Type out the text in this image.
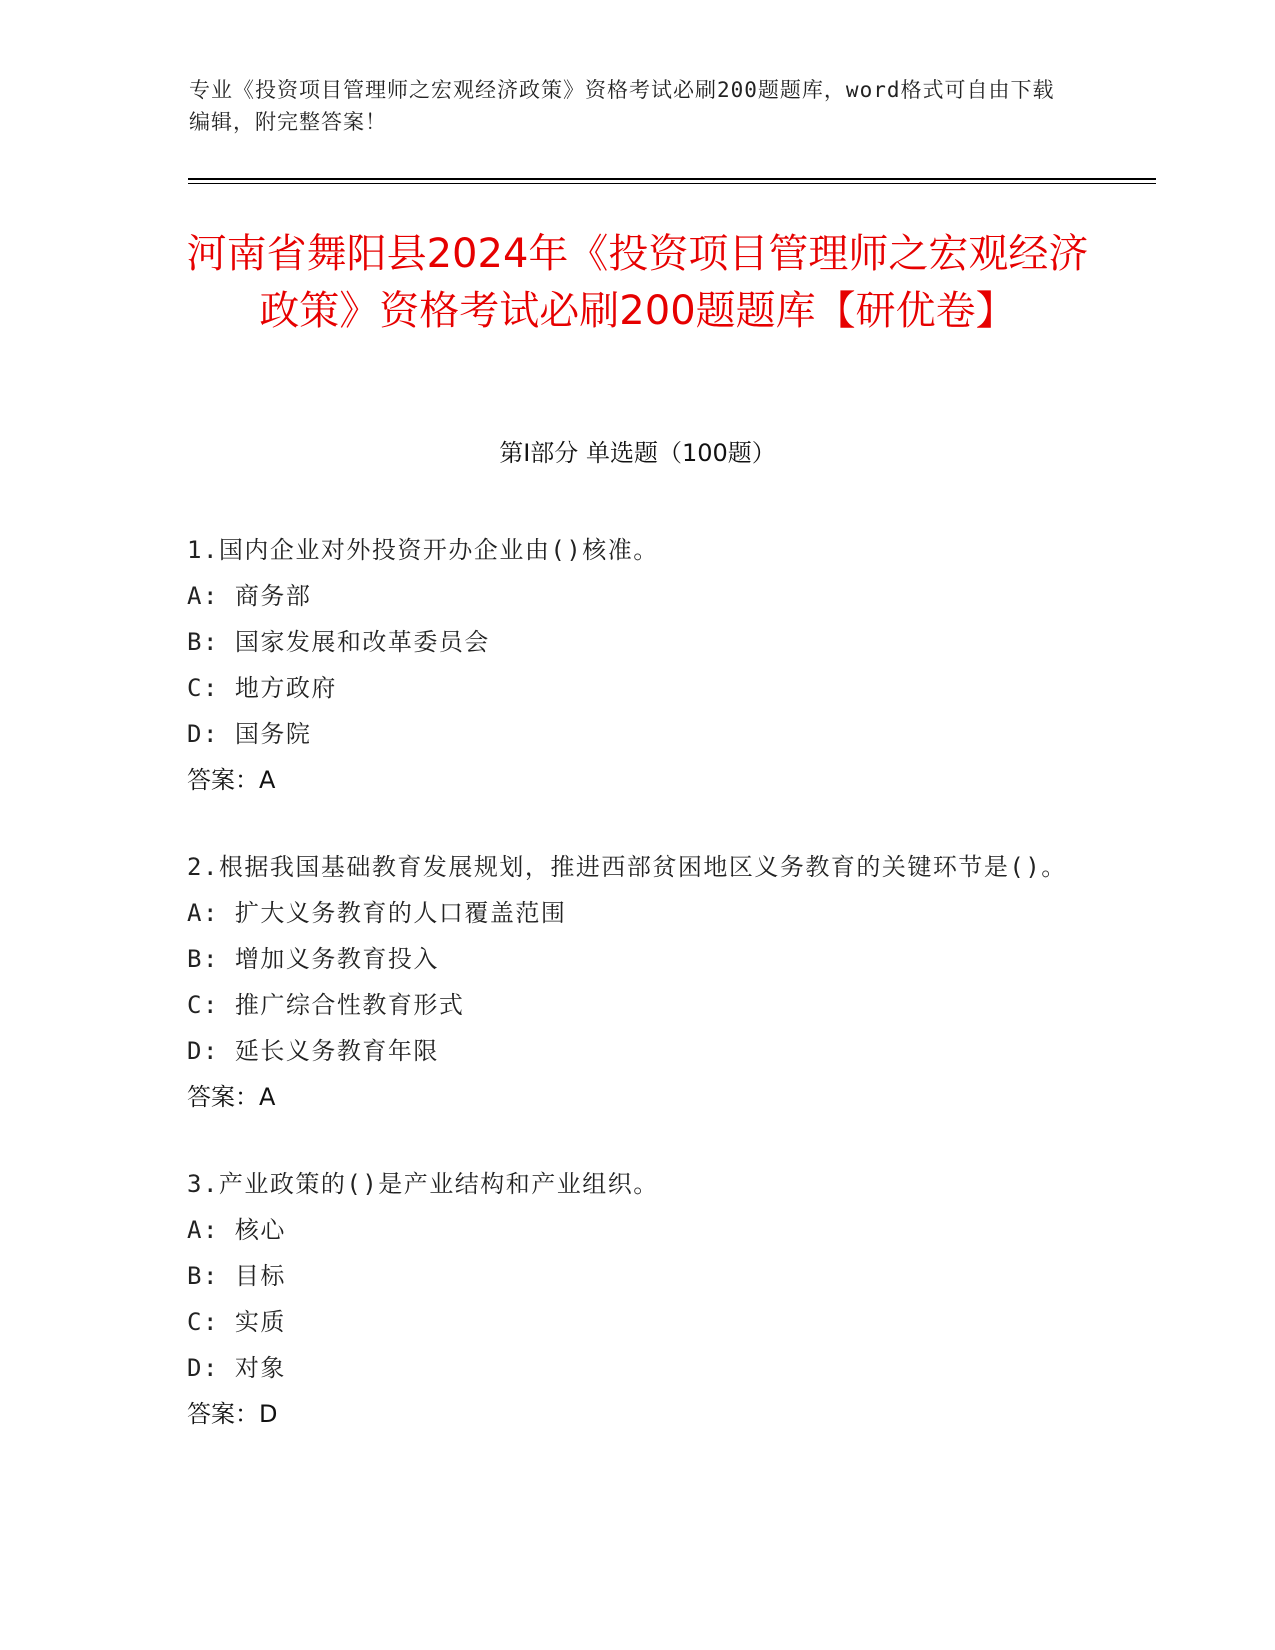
专业《投资项目管理师之宏观经济政策》资格考试必刷200题题库，word格式可自由下载编辑，附完整答案！
河南省舞阳县2024年《投资项目管理师之宏观经济政策》资格考试必刷200题题库【研优卷】
第Ⅰ部分 单选题（100题）
1.国内企业对外投资开办企业由()核准。
A: 商务部
B: 国家发展和改革委员会
C: 地方政府
D: 国务院
答案：A
2.根据我国基础教育发展规划，推进西部贫困地区义务教育的关键环节是()。
A: 扩大义务教育的人口覆盖范围
B: 增加义务教育投入
C: 推广综合性教育形式
D: 延长义务教育年限
答案：A
3.产业政策的()是产业结构和产业组织。
A: 核心
B: 目标
C: 实质
D: 对象
答案：D
